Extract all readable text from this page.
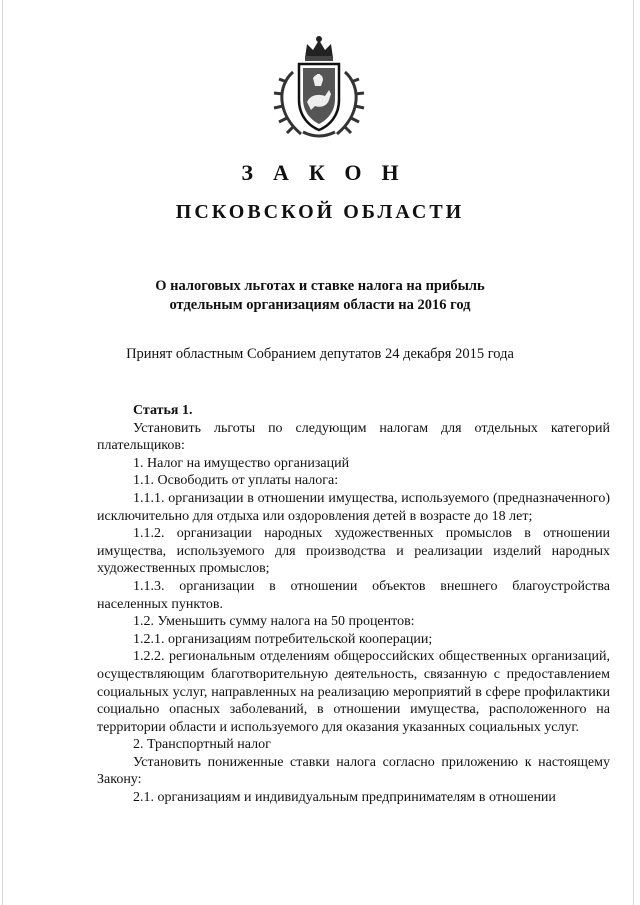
ЗАКОН
ПСКОВСКОЙ ОБЛАСТИ
О налоговых льготах и ставке налога на прибыль
отдельным организациям области на 2016 год
Принят областным Собранием депутатов 24 декабря 2015 года

Статья 1.

Установить льготы по следующим налогам для отдельных категорий плательщиков:

1. Налог на имущество организаций

1.1. Освободить от уплаты налога:

1.1.1. организации в отношении имущества, используемого (предназначенного) исключительно для отдыха или оздоровления детей в возрасте до 18 лет;

1.1.2. организации народных художественных промыслов в отношении имущества, используемого для производства и реализации изделий народных художественных промыслов;

1.1.3. организации в отношении объектов внешнего благоустройства населенных пунктов.

1.2. Уменьшить сумму налога на 50 процентов:

1.2.1. организациям потребительской кооперации;

1.2.2. региональным отделениям общероссийских общественных организаций, осуществляющим благотворительную деятельность, связанную с предоставлением социальных услуг, направленных на реализацию мероприятий в сфере профилактики социально опасных заболеваний, в отношении имущества, расположенного на территории области и используемого для оказания указанных социальных услуг.

2. Транспортный налог

Установить пониженные ставки налога согласно приложению к настоящему Закону:

2.1. организациям и индивидуальным предпринимателям в отношении
